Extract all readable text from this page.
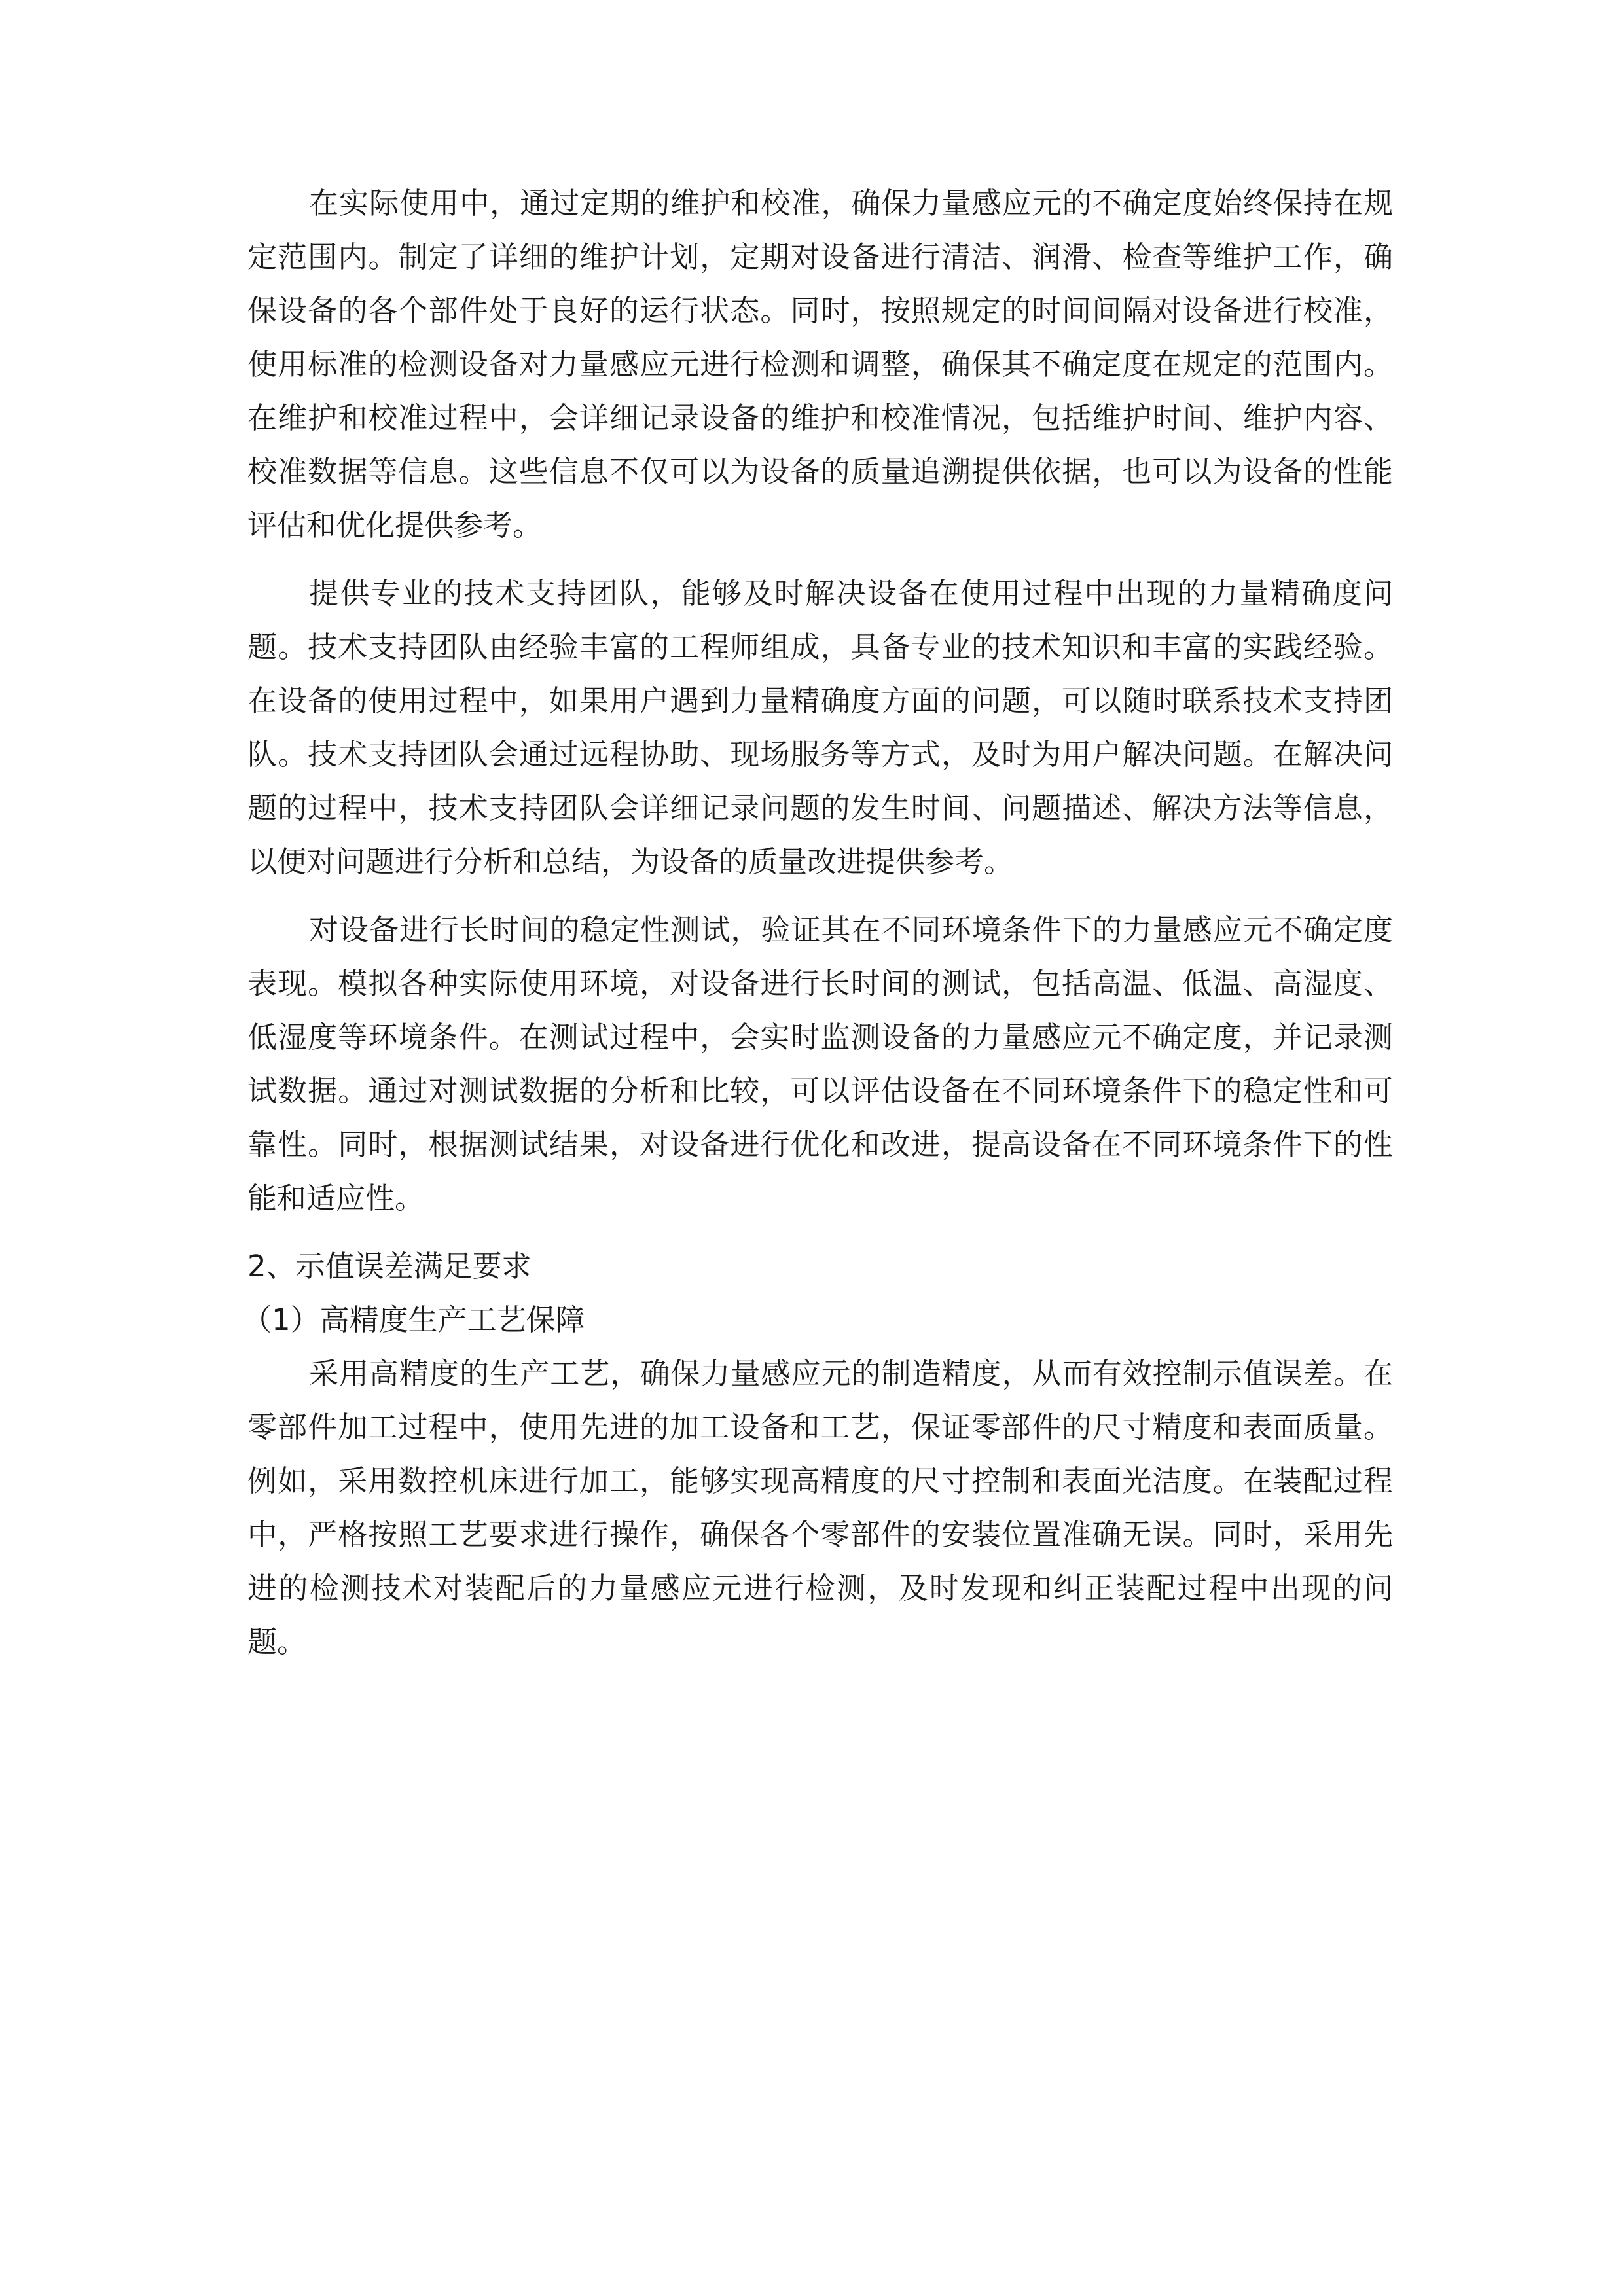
在实际使用中，通过定期的维护和校准，确保力量感应元的不确定度始终保持在规定范围内。制定了详细的维护计划，定期对设备进行清洁、润滑、检查等维护工作，确保设备的各个部件处于良好的运行状态。同时，按照规定的时间间隔对设备进行校准，使用标准的检测设备对力量感应元进行检测和调整，确保其不确定度在规定的范围内。在维护和校准过程中，会详细记录设备的维护和校准情况，包括维护时间、维护内容、校准数据等信息。这些信息不仅可以为设备的质量追溯提供依据，也可以为设备的性能评估和优化提供参考。

提供专业的技术支持团队，能够及时解决设备在使用过程中出现的力量精确度问题。技术支持团队由经验丰富的工程师组成，具备专业的技术知识和丰富的实践经验。在设备的使用过程中，如果用户遇到力量精确度方面的问题，可以随时联系技术支持团队。技术支持团队会通过远程协助、现场服务等方式，及时为用户解决问题。在解决问题的过程中，技术支持团队会详细记录问题的发生时间、问题描述、解决方法等信息，以便对问题进行分析和总结，为设备的质量改进提供参考。

对设备进行长时间的稳定性测试，验证其在不同环境条件下的力量感应元不确定度表现。模拟各种实际使用环境，对设备进行长时间的测试，包括高温、低温、高湿度、低湿度等环境条件。在测试过程中，会实时监测设备的力量感应元不确定度，并记录测试数据。通过对测试数据的分析和比较，可以评估设备在不同环境条件下的稳定性和可靠性。同时，根据测试结果，对设备进行优化和改进，提高设备在不同环境条件下的性能和适应性。

2、示值误差满足要求

（1）高精度生产工艺保障

采用高精度的生产工艺，确保力量感应元的制造精度，从而有效控制示值误差。在零部件加工过程中，使用先进的加工设备和工艺，保证零部件的尺寸精度和表面质量。例如，采用数控机床进行加工，能够实现高精度的尺寸控制和表面光洁度。在装配过程中，严格按照工艺要求进行操作，确保各个零部件的安装位置准确无误。同时，采用先进的检测技术对装配后的力量感应元进行检测，及时发现和纠正装配过程中出现的问题。
